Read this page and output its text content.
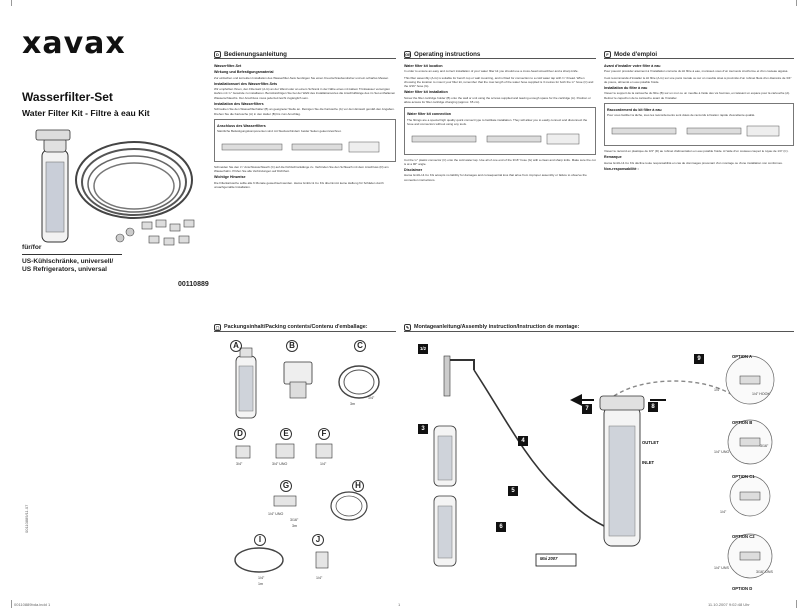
xavax
Wasserfilter-Set
Water Filter Kit - Filtre à eau Kit
für/for
US-Kühlschränke, universell/
US Refrigerators, universal
00110889
00110889/11.07
D Bedienungsanleitung
Wasserfilter-Set
Wirkung und Befestigungsmaterial

Zur einfachen und korrekten Installation des Wasserfilter-Sets benötigen Sie einen Kreuzschraubendreher und ein scharfes Messer.

Installationsort des Wasserfilter-Sets

Wir empfehlen Ihnen, den Filtersatz (A-G) an der Wand oder an einem Schrank in der Nähe eines mit kaltem Trinkwasser versorgten Hahns mit ¾" Gewinde zu installieren. Berücksichtigen Sie bei der Wahl des Installationsortes die Anschlußlänge des im Set enthaltenen Wasserschlauchs. Der Anschluss muss jederzeit leicht zugänglich sein.

Installation des Wasserfilters

Schrauben Sie den Wasserfilterhalter (B) an geeigneter Stelle an. Reinigen Sie die Kartusche (A) vor dem Einsatz gemäß den Angaben. Drehen Sie die Kartusche (A) in den Halter (B) bis zum Anschlag.

Anschluss des Wasserfilters

Sämtliche Befestigungskomponenten sind mit Steckverbindern beider Seiten gekennzeichnet.

Schneiden Sie den ¼" Anschlussschlauch (C) auf die Kühlschranklänge zu. Verbinden Sie den Schlauch mit dem Anschluss (D) am Wasserhahn. Prüfen Sie alle Verbindungen auf Dichtheit.

Wichtige Hinweise

Die Filterkartusche sollte alle 6 Monate gewechselt werden. Hama GmbH & Co KG übernimmt keine Haftung für Schäden durch unsachgemäße Installation.

GB Operating instructions
Water filter kit location

In order to ensure an easy and correct installation of your water filter kit you should use a cross-head screwdriver and a sharp knife.

This filter assembly (A-G) is suitable for bench top or wall mounting, and is fitted for connection to a cold water tap with ¾" thread. When choosing the location to mount your filter kit, remember that the max length of the water hose supplied is 3 metres for both the ¼" hose (C) and the 3/16" hose (G).

Water filter kit installation

Screw the filter cartridge holder (B) onto the wall or unit using the screws supplied and leaving enough space for the cartridge (A). Position or allow access for filter cartridge changing (approx. 65 cm).

Water filter kit connection

The fittings are a special high quality quick connect type to facilitate installation. They will allow you to easily connect and disconnect the hose and connectors without using any tools.

Cut the ¼" plastic connector (C) onto the cold water tap. Use all of one end of the 3/16" hose (G) with a clean and sharp knife. Make sure the cut is at a 90° angle.

Disclaimer

Hama GmbH & Co KG accepts no liability for damages and consequential loss that arise from improper assembly or failure to observe the connection instructions.

F Mode d'emploi
Avant d'installer votre filtre à eau

Pour pouvoir procéder aisément à l'installation correcte du kit filtre à eau, munissez-vous d'un tournevis cruciforme et d'un couteau aiguisé.

Il est recommandé d'installer le kit filtre (A-G) sur une paroi murale ou sur un meuble situé à proximité d'un robinet fileté d'un diamètre de 3/4" de pouce, alimenté en eau potable froide.

Installation du filtre à eau

Vissez le support de la cartouche du filtre (B) sur un mur ou un meuble à l'aide des vis fournies, en laissant un espace pour la cartouche (A). Retirez le capuchon de la cartouche avant de l'installer.

Raccordement du kit filtre à eau

Pour vous faciliter la tâche, tous les raccordements sont dotés de raccords à fixation rapide d'excellente qualité.

Vissez le raccord en plastique de 3/4" (D) au robinet d'alimentation en eau potable froide. A l'aide d'un couteau coupez le tuyau de 1/4" (C).

Remarque

Hama GmbH & Co KG décline toute responsabilité en cas de dommages provenant d'un montage ou d'une installation non conformes.

Non-responsabilité :
▢ Packungsinhalt/Packing contents/Contenu d'emballage:
A	B	C
1/4"
3m
D
3/4"
E
3/4" UNO
F
1/4"
G
1/4" UNO
3/16"
3m
H
I
1/4"
1m
J
1/4"
✎ Montageanleitung/Assembly instruction/Instruction de montage:
1/2
3
4
5
6
7	8
9
OUTLET
INLET
Mai 2007
OPTION A
OPTION B
OPTION C1
OPTION C2
OPTION D
1/4"
1/4" HOOK
3/16"
1/4" UNO
1/4"
1/4" UNS
3/16" UNS
00110889bda.indd 1	1	11.10.2007 9:02:48 Uhr
